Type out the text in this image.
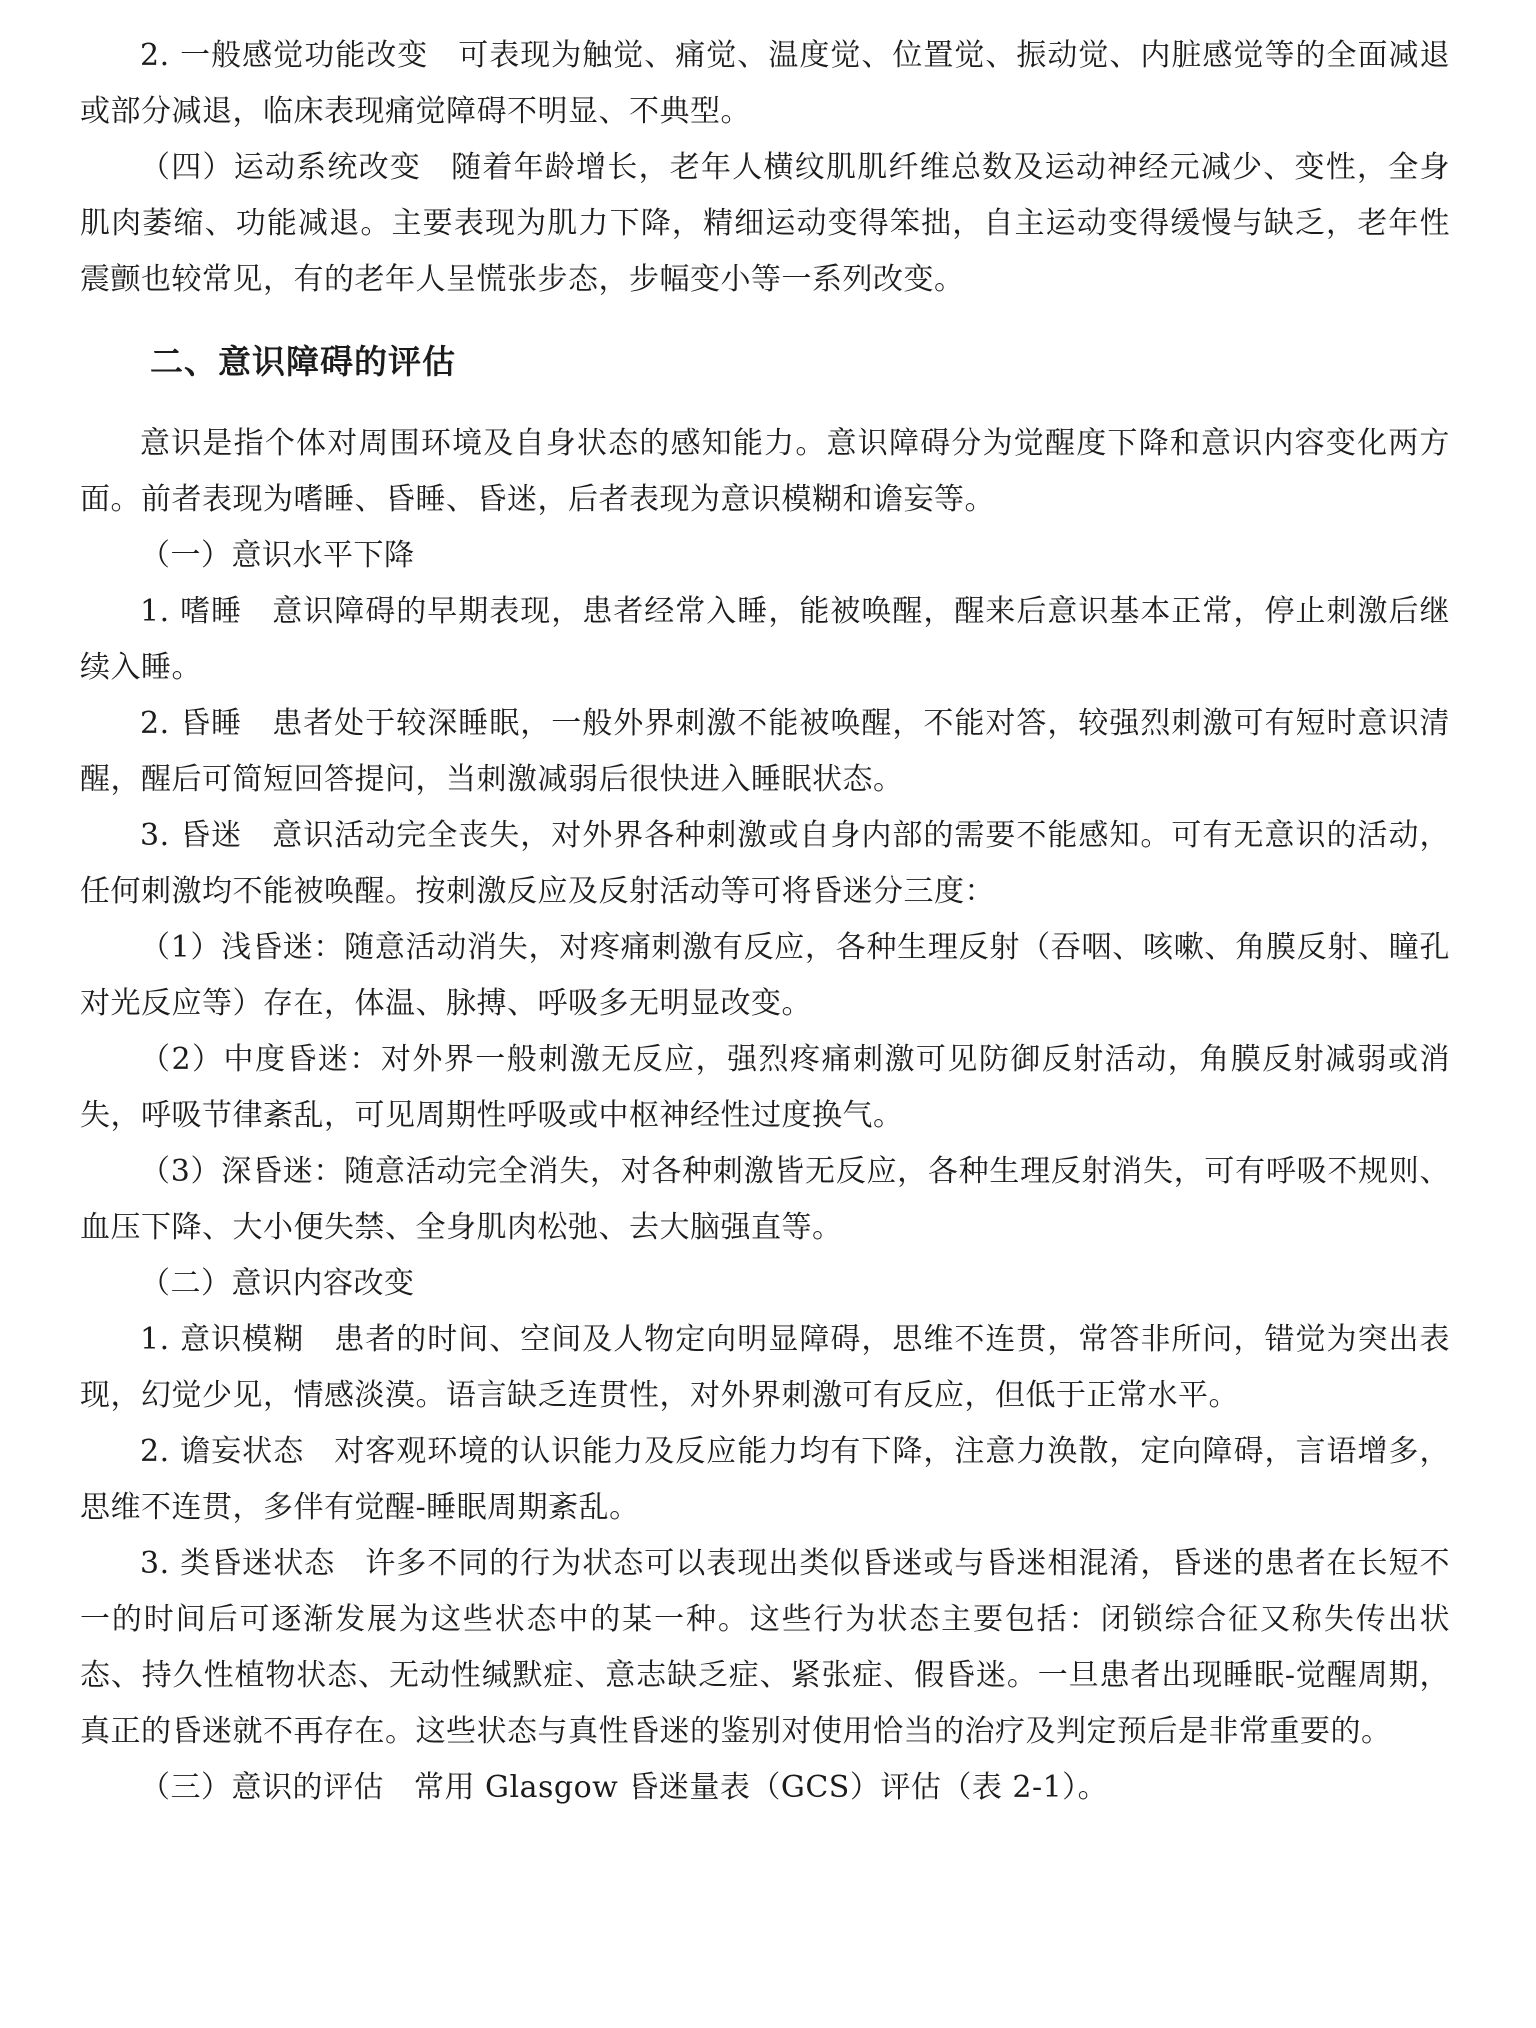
2. 一般感觉功能改变 可表现为触觉、痛觉、温度觉、位置觉、振动觉、内脏感觉等的全面减退或部分减退，临床表现痛觉障碍不明显、不典型。

（四）运动系统改变 随着年龄增长，老年人横纹肌肌纤维总数及运动神经元减少、变性，全身肌肉萎缩、功能减退。主要表现为肌力下降，精细运动变得笨拙，自主运动变得缓慢与缺乏，老年性震颤也较常见，有的老年人呈慌张步态，步幅变小等一系列改变。

二、意识障碍的评估

意识是指个体对周围环境及自身状态的感知能力。意识障碍分为觉醒度下降和意识内容变化两方面。前者表现为嗜睡、昏睡、昏迷，后者表现为意识模糊和谵妄等。

（一）意识水平下降

1. 嗜睡 意识障碍的早期表现，患者经常入睡，能被唤醒，醒来后意识基本正常，停止刺激后继续入睡。

2. 昏睡 患者处于较深睡眠，一般外界刺激不能被唤醒，不能对答，较强烈刺激可有短时意识清醒，醒后可简短回答提问，当刺激减弱后很快进入睡眠状态。

3. 昏迷 意识活动完全丧失，对外界各种刺激或自身内部的需要不能感知。可有无意识的活动，任何刺激均不能被唤醒。按刺激反应及反射活动等可将昏迷分三度：

（1）浅昏迷：随意活动消失，对疼痛刺激有反应，各种生理反射（吞咽、咳嗽、角膜反射、瞳孔对光反应等）存在，体温、脉搏、呼吸多无明显改变。

（2）中度昏迷：对外界一般刺激无反应，强烈疼痛刺激可见防御反射活动，角膜反射减弱或消失，呼吸节律紊乱，可见周期性呼吸或中枢神经性过度换气。

（3）深昏迷：随意活动完全消失，对各种刺激皆无反应，各种生理反射消失，可有呼吸不规则、血压下降、大小便失禁、全身肌肉松弛、去大脑强直等。

（二）意识内容改变

1. 意识模糊 患者的时间、空间及人物定向明显障碍，思维不连贯，常答非所问，错觉为突出表现，幻觉少见，情感淡漠。语言缺乏连贯性，对外界刺激可有反应，但低于正常水平。

2. 谵妄状态 对客观环境的认识能力及反应能力均有下降，注意力涣散，定向障碍，言语增多，思维不连贯，多伴有觉醒-睡眠周期紊乱。

3. 类昏迷状态 许多不同的行为状态可以表现出类似昏迷或与昏迷相混淆，昏迷的患者在长短不一的时间后可逐渐发展为这些状态中的某一种。这些行为状态主要包括：闭锁综合征又称失传出状态、持久性植物状态、无动性缄默症、意志缺乏症、紧张症、假昏迷。一旦患者出现睡眠-觉醒周期，真正的昏迷就不再存在。这些状态与真性昏迷的鉴别对使用恰当的治疗及判定预后是非常重要的。

（三）意识的评估 常用 Glasgow 昏迷量表（GCS）评估（表 2-1）。
